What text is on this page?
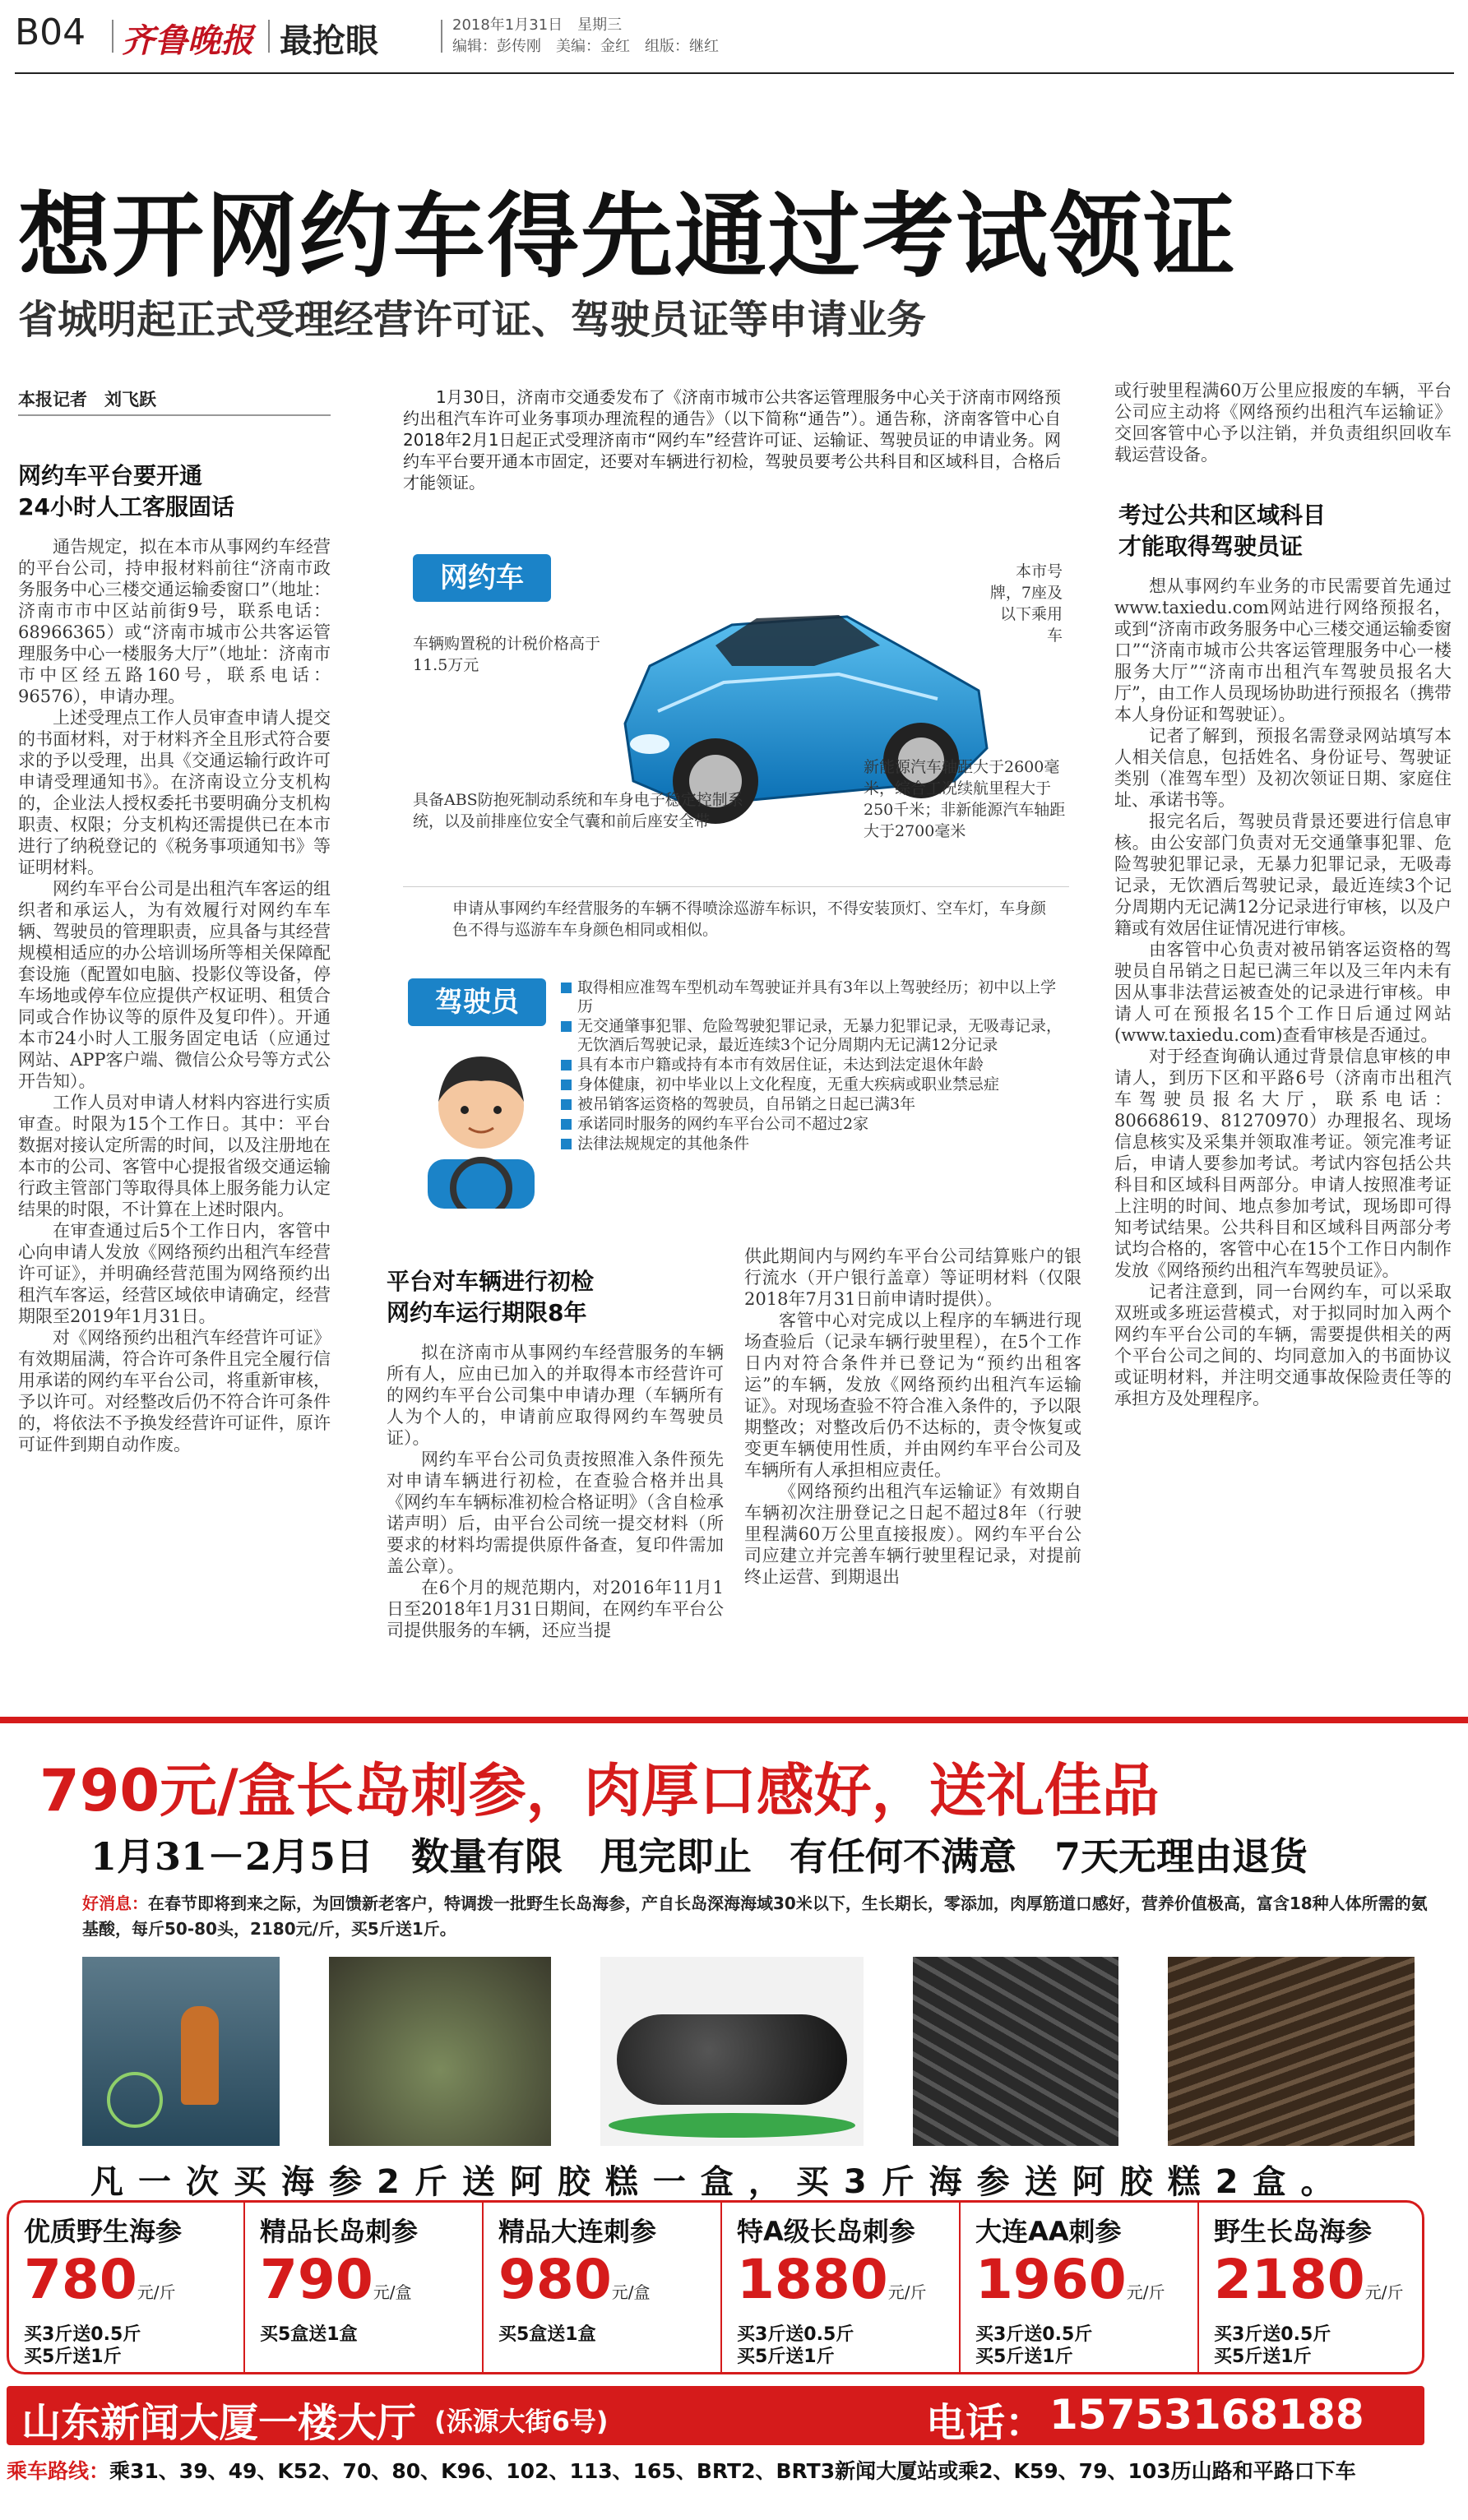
B04 齐鲁晚报 最抢眼	2018年1月31日　星期三
编辑：彭传刚　美编：金红　组版：继红
想开网约车得先通过考试领证
省城明起正式受理经营许可证、驾驶员证等申请业务
本报记者　刘飞跃
网约车平台要开通
24小时人工客服固话

通告规定，拟在本市从事网约车经营的平台公司，持申报材料前往“济南市政务服务中心三楼交通运输委窗口”（地址：济南市市中区站前街9号，联系电话：68966365）或“济南市城市公共客运管理服务中心一楼服务大厅”（地址：济南市市中区经五路160号，联系电话：96576），申请办理。

上述受理点工作人员审查申请人提交的书面材料，对于材料齐全且形式符合要求的予以受理，出具《交通运输行政许可申请受理通知书》。在济南设立分支机构的，企业法人授权委托书要明确分支机构职责、权限；分支机构还需提供已在本市进行了纳税登记的《税务事项通知书》等证明材料。

网约车平台公司是出租汽车客运的组织者和承运人，为有效履行对网约车车辆、驾驶员的管理职责，应具备与其经营规模相适应的办公培训场所等相关保障配套设施（配置如电脑、投影仪等设备，停车场地或停车位应提供产权证明、租赁合同或合作协议等的原件及复印件）。开通本市24小时人工服务固定电话（应通过网站、APP客户端、微信公众号等方式公开告知）。

工作人员对申请人材料内容进行实质审查。时限为15个工作日。其中：平台数据对接认定所需的时间，以及注册地在本市的公司、客管中心提报省级交通运输行政主管部门等取得具体上服务能力认定结果的时限，不计算在上述时限内。

在审查通过后5个工作日内，客管中心向申请人发放《网络预约出租汽车经营许可证》，并明确经营范围为网络预约出租汽车客运，经营区域依申请确定，经营期限至2019年1月31日。

对《网络预约出租汽车经营许可证》有效期届满，符合许可条件且完全履行信用承诺的网约车平台公司，将重新审核，予以许可。对经整改后仍不符合许可条件的，将依法不予换发经营许可证件，原许可证件到期自动作废。

1月30日，济南市交通委发布了《济南市城市公共客运管理服务中心关于济南市网络预约出租汽车许可业务事项办理流程的通告》（以下简称“通告”）。通告称，济南客管中心自2018年2月1日起正式受理济南市“网约车”经营许可证、运输证、驾驶员证的申请业务。网约车平台要开通本市固定，还要对车辆进行初检，驾驶员要考公共科目和区域科目，合格后才能领证。

网约车
车辆购置税的计税价格高于11.5万元
本市号牌，7座及以下乘用车
新能源汽车轴距大于2600毫米，综合工况续航里程大于250千米；非新能源汽车轴距大于2700毫米
具备ABS防抱死制动系统和车身电子稳定控制系统，以及前排座位安全气囊和前后座安全带
申请从事网约车经营服务的车辆不得喷涂巡游车标识，不得安装顶灯、空车灯，车身颜色不得与巡游车车身颜色相同或相似。
驾驶员	取得相应准驾车型机动车驾驶证并具有3年以上驾驶经历；初中以上学历
无交通肇事犯罪、危险驾驶犯罪记录，无暴力犯罪记录，无吸毒记录，无饮酒后驾驶记录，最近连续3个记分周期内无记满12分记录
具有本市户籍或持有本市有效居住证，未达到法定退休年龄
身体健康，初中毕业以上文化程度，无重大疾病或职业禁忌症
被吊销客运资格的驾驶员，自吊销之日起已满3年
承诺同时服务的网约车平台公司不超过2家
法律法规规定的其他条件
平台对车辆进行初检
网约车运行期限8年

拟在济南市从事网约车经营服务的车辆所有人，应由已加入的并取得本市经营许可的网约车平台公司集中申请办理（车辆所有人为个人的，申请前应取得网约车驾驶员证）。

网约车平台公司负责按照准入条件预先对申请车辆进行初检，在查验合格并出具《网约车车辆标准初检合格证明》（含自检承诺声明）后，由平台公司统一提交材料（所要求的材料均需提供原件备查，复印件需加盖公章）。

在6个月的规范期内，对2016年11月1日至2018年1月31日期间，在网约车平台公司提供服务的车辆，还应当提

供此期间内与网约车平台公司结算账户的银行流水（开户银行盖章）等证明材料（仅限2018年7月31日前申请时提供）。

客管中心对完成以上程序的车辆进行现场查验后（记录车辆行驶里程），在5个工作日内对符合条件并已登记为“预约出租客运”的车辆，发放《网络预约出租汽车运输证》。对现场查验不符合准入条件的，予以限期整改；对整改后仍不达标的，责令恢复或变更车辆使用性质，并由网约车平台公司及车辆所有人承担相应责任。

《网络预约出租汽车运输证》有效期自车辆初次注册登记之日起不超过8年（行驶里程满60万公里直接报废）。网约车平台公司应建立并完善车辆行驶里程记录，对提前终止运营、到期退出

或行驶里程满60万公里应报废的车辆，平台公司应主动将《网络预约出租汽车运输证》交回客管中心予以注销，并负责组织回收车载运营设备。

考过公共和区域科目
才能取得驾驶员证

想从事网约车业务的市民需要首先通过www.taxiedu.com网站进行网络预报名，或到“济南市政务服务中心三楼交通运输委窗口”“济南市城市公共客运管理服务中心一楼服务大厅”“济南市出租汽车驾驶员报名大厅”，由工作人员现场协助进行预报名（携带本人身份证和驾驶证）。

记者了解到，预报名需登录网站填写本人相关信息，包括姓名、身份证号、驾驶证类别（准驾车型）及初次领证日期、家庭住址、承诺书等。

报完名后，驾驶员背景还要进行信息审核。由公安部门负责对无交通肇事犯罪、危险驾驶犯罪记录，无暴力犯罪记录，无吸毒记录，无饮酒后驾驶记录，最近连续3个记分周期内无记满12分记录进行审核，以及户籍或有效居住证情况进行审核。

由客管中心负责对被吊销客运资格的驾驶员自吊销之日起已满三年以及三年内未有因从事非法营运被查处的记录进行审核。申请人可在预报名15个工作日后通过网站(www.taxiedu.com)查看审核是否通过。

对于经查询确认通过背景信息审核的申请人，到历下区和平路6号（济南市出租汽车驾驶员报名大厅，联系电话：80668619、81270970）办理报名、现场信息核实及采集并领取准考证。领完准考证后，申请人要参加考试。考试内容包括公共科目和区域科目两部分。申请人按照准考证上注明的时间、地点参加考试，现场即可得知考试结果。公共科目和区域科目两部分考试均合格的，客管中心在15个工作日内制作发放《网络预约出租汽车驾驶员证》。

记者注意到，同一台网约车，可以采取双班或多班运营模式，对于拟同时加入两个网约车平台公司的车辆，需要提供相关的两个平台公司之间的、均同意加入的书面协议或证明材料，并注明交通事故保险责任等的承担方及处理程序。

790元/盒长岛刺参，肉厚口感好，送礼佳品
1月31－2月5日　数量有限　甩完即止　有任何不满意　7天无理由退货
好消息：在春节即将到来之际，为回馈新老客户，特调拨一批野生长岛海参，产自长岛深海海域30米以下，生长期长，零添加，肉厚筋道口感好，营养价值极高，富含18种人体所需的氨基酸，每斤50-80头，2180元/斤，买5斤送1斤。
凡一次买海参2斤送阿胶糕一盒，买3斤海参送阿胶糕2盒。
优质野生海参
780元/斤
买3斤送0.5斤
买5斤送1斤
精品长岛刺参
790元/盒
买5盒送1盒
精品大连刺参
980元/盒
买5盒送1盒
特A级长岛刺参
1880元/斤
买3斤送0.5斤
买5斤送1斤
大连AA刺参
1960元/斤
买3斤送0.5斤
买5斤送1斤
野生长岛海参
2180元/斤
买3斤送0.5斤
买5斤送1斤
山东新闻大厦一楼大厅 (泺源大街6号)	电话： 15753168188
乘车路线：乘31、39、49、K52、70、80、K96、102、113、165、BRT2、BRT3新闻大厦站或乘2、K59、79、103历山路和平路口下车
